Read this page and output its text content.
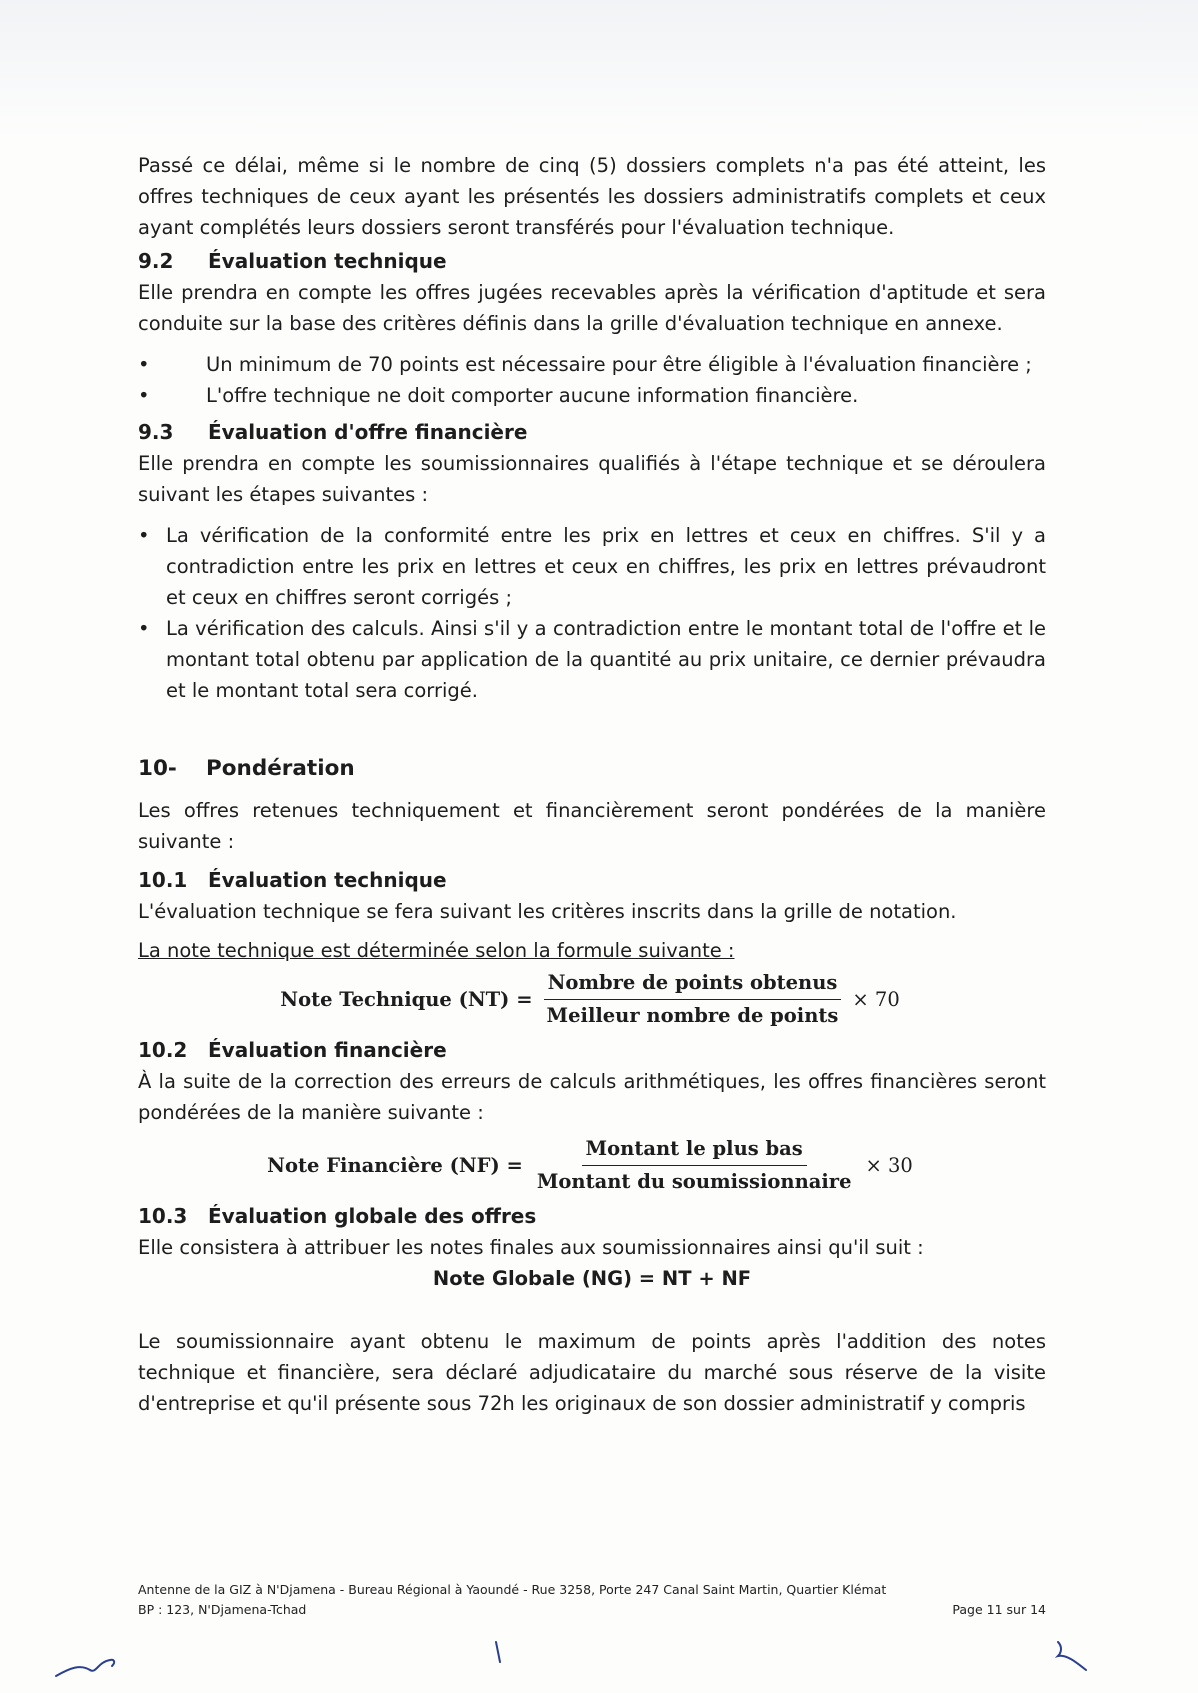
Passé ce délai, même si le nombre de cinq (5) dossiers complets n'a pas été atteint, les offres techniques de ceux ayant les présentés les dossiers administratifs complets et ceux ayant complétés leurs dossiers seront transférés pour l'évaluation technique.

9.2 Évaluation technique

Elle prendra en compte les offres jugées recevables après la vérification d'aptitude et sera conduite sur la base des critères définis dans la grille d'évaluation technique en annexe.

•	Un minimum de 70 points est nécessaire pour être éligible à l'évaluation financière ;
•	L'offre technique ne doit comporter aucune information financière.
9.3 Évaluation d'offre financière

Elle prendra en compte les soumissionnaires qualifiés à l'étape technique et se déroulera suivant les étapes suivantes :

• La vérification de la conformité entre les prix en lettres et ceux en chiffres. S'il y a contradiction entre les prix en lettres et ceux en chiffres, les prix en lettres prévaudront et ceux en chiffres seront corrigés ;
• La vérification des calculs. Ainsi s'il y a contradiction entre le montant total de l'offre et le montant total obtenu par application de la quantité au prix unitaire, ce dernier prévaudra et le montant total sera corrigé.
10- Pondération

Les offres retenues techniquement et financièrement seront pondérées de la manière suivante :

10.1 Évaluation technique

L'évaluation technique se fera suivant les critères inscrits dans la grille de notation.

La note technique est déterminée selon la formule suivante :

Note Technique $(NT) = \frac{\text{Nombre de points obtenus}}{\text{Meilleur nombre de points}} \times 70$
10.2 Évaluation financière

À la suite de la correction des erreurs de calculs arithmétiques, les offres financières seront pondérées de la manière suivante :

Note Financière $(NF) = \frac{\text{Montant le plus bas}}{\text{Montant du soumissionnaire}} \times 30$
10.3 Évaluation globale des offres

Elle consistera à attribuer les notes finales aux soumissionnaires ainsi qu'il suit :

Note Globale (NG) = NT + NF

Le soumissionnaire ayant obtenu le maximum de points après l'addition des notes technique et financière, sera déclaré adjudicataire du marché sous réserve de la visite d'entreprise et qu'il présente sous 72h les originaux de son dossier administratif y compris

Antenne de la GIZ à N'Djamena - Bureau Régional à Yaoundé - Rue 3258, Porte 247 Canal Saint Martin, Quartier Klémat
BP : 123, N'Djamena-Tchad	Page 11 sur 14
